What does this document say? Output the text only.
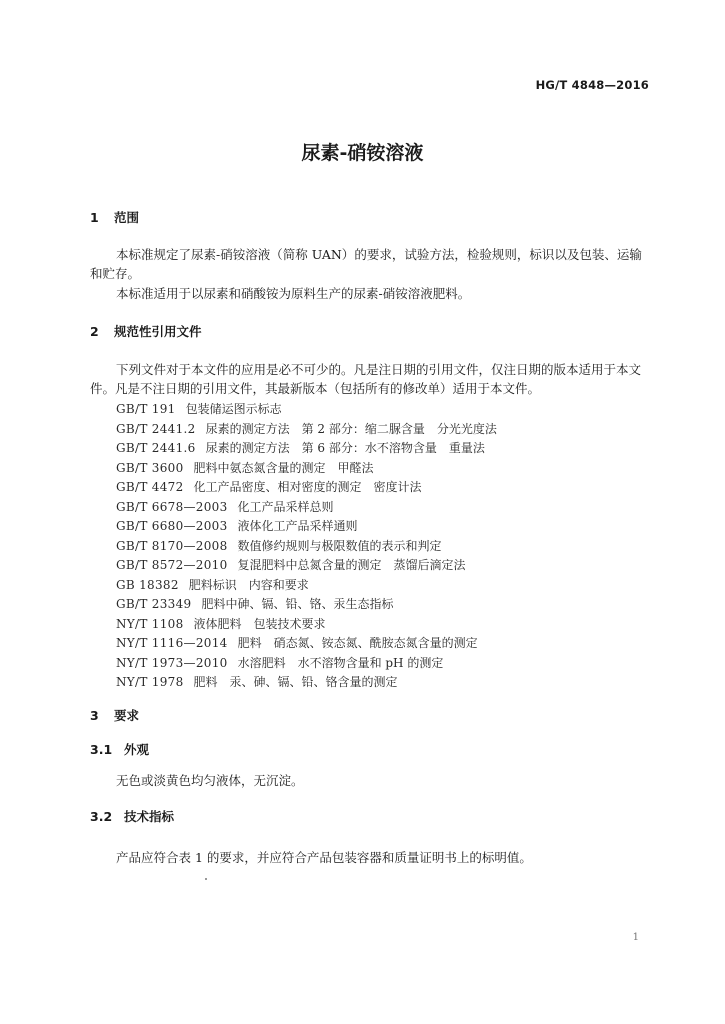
HG/T 4848—2016
尿素-硝铵溶液
1 范围
本标准规定了尿素-硝铵溶液（简称 UAN）的要求，试验方法，检验规则，标识以及包装、运输和贮存。
本标准适用于以尿素和硝酸铵为原料生产的尿素-硝铵溶液肥料。
2 规范性引用文件
下列文件对于本文件的应用是必不可少的。凡是注日期的引用文件，仅注日期的版本适用于本文件。凡是不注日期的引用文件，其最新版本（包括所有的修改单）适用于本文件。
GB/T 191 包装储运图示标志
GB/T 2441.2 尿素的测定方法　第 2 部分：缩二脲含量　分光光度法
GB/T 2441.6 尿素的测定方法　第 6 部分：水不溶物含量　重量法
GB/T 3600 肥料中氨态氮含量的测定　甲醛法
GB/T 4472 化工产品密度、相对密度的测定　密度计法
GB/T 6678—2003 化工产品采样总则
GB/T 6680—2003 液体化工产品采样通则
GB/T 8170—2008 数值修约规则与极限数值的表示和判定
GB/T 8572—2010 复混肥料中总氮含量的测定　蒸馏后滴定法
GB 18382 肥料标识　内容和要求
GB/T 23349 肥料中砷、镉、铅、铬、汞生态指标
NY/T 1108 液体肥料　包装技术要求
NY/T 1116—2014 肥料　硝态氮、铵态氮、酰胺态氮含量的测定
NY/T 1973—2010 水溶肥料　水不溶物含量和 pH 的测定
NY/T 1978 肥料　汞、砷、镉、铅、铬含量的测定
3 要求
3.1 外观
无色或淡黄色均匀液体，无沉淀。
3.2 技术指标
产品应符合表 1 的要求，并应符合产品包装容器和质量证明书上的标明值。
1
